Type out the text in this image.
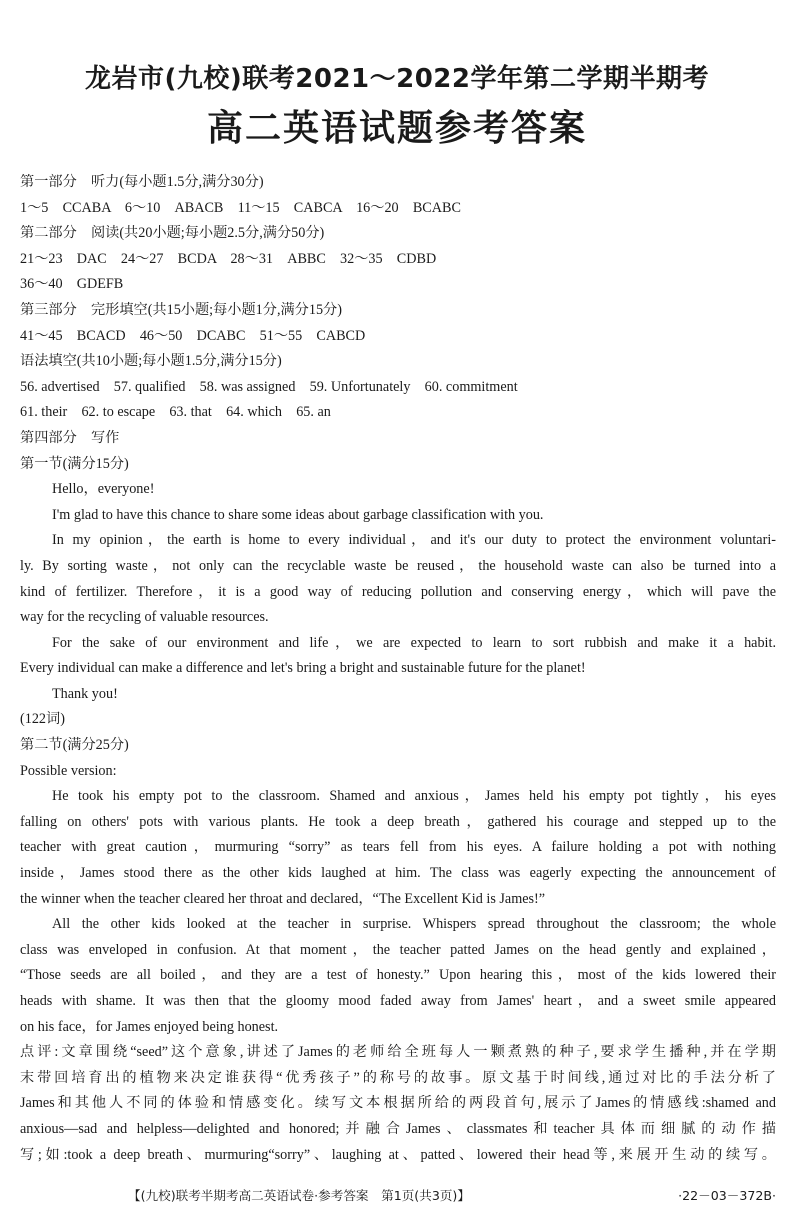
龙岩市(九校)联考2021～2022学年第二学期半期考
高二英语试题参考答案
第一部分　听力(每小题1.5分,满分30分)
1～5　CCABA　6～10　ABACB　11～15　CABCA　16～20　BCABC
第二部分　阅读(共20小题;每小题2.5分,满分50分)
21～23　DAC　24～27　BCDA　28～31　ABBC　32～35　CDBD
36～40　GDEFB
第三部分　完形填空(共15小题;每小题1分,满分15分)
41～45　BCACD　46～50　DCABC　51～55　CABCD
语法填空(共10小题;每小题1.5分,满分15分)
56. advertised　57. qualified　58. was assigned　59. Unfortunately　60. commitment
61. their　62. to escape　63. that　64. which　65. an
第四部分　写作
第一节(满分15分)
Hello，everyone!
I'm glad to have this chance to share some ideas about garbage classification with you.
In my opinion，the earth is home to every individual，and it's our duty to protect the environment voluntari-
ly. By sorting waste，not only can the recyclable waste be reused，the household waste can also be turned into a
kind of fertilizer. Therefore，it is a good way of reducing pollution and conserving energy，which will pave the
way for the recycling of valuable resources.
For the sake of our environment and life，we are expected to learn to sort rubbish and make it a habit.
Every individual can make a difference and let's bring a bright and sustainable future for the planet!
Thank you!
(122词)
第二节(满分25分)
Possible version:
He took his empty pot to the classroom. Shamed and anxious，James held his empty pot tightly，his eyes
falling on others' pots with various plants. He took a deep breath，gathered his courage and stepped up to the
teacher with great caution，murmuring “sorry” as tears fell from his eyes. A failure holding a pot with nothing
inside，James stood there as the other kids laughed at him. The class was eagerly expecting the announcement of
the winner when the teacher cleared her throat and declared，“The Excellent Kid is James!”
All the other kids looked at the teacher in surprise. Whispers spread throughout the classroom; the whole
class was enveloped in confusion. At that moment，the teacher patted James on the head gently and explained，
“Those seeds are all boiled，and they are a test of honesty.” Upon hearing this，most of the kids lowered their
heads with shame. It was then that the gloomy mood faded away from James' heart，and a sweet smile appeared
on his face，for James enjoyed being honest.
点评:文章围绕“seed”这个意象,讲述了James的老师给全班每人一颗煮熟的种子,要求学生播种,并在学期
末带回培育出的植物来决定谁获得“优秀孩子”的称号的故事。原文基于时间线,通过对比的手法分析了
James和其他人不同的体验和情感变化。续写文本根据所给的两段首句,展示了James的情感线:shamed and
anxious—sad and helpless—delighted and honored;并融合James、classmates和teacher具体而细腻的动作描
写;如:took a deep breath、murmuring“sorry”、laughing at、patted、lowered their head等,来展开生动的续写。
【(九校)联考半期考高二英语试卷·参考答案　第1页(共3页)】	·22－03－372B·
